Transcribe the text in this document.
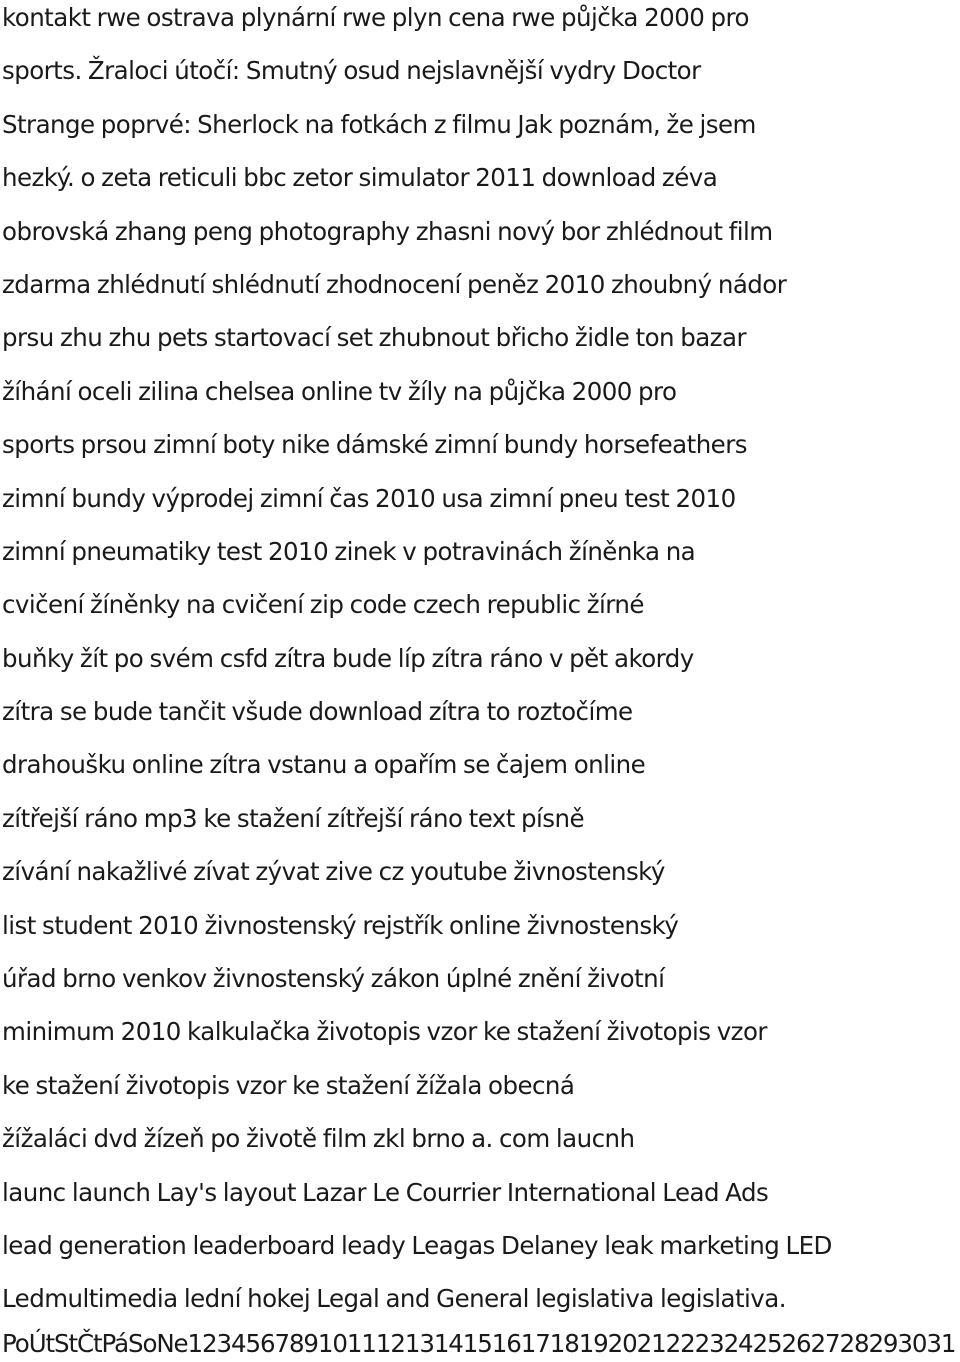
kontakt rwe ostrava plynární rwe plyn cena rwe půjčka 2000 pro
sports. Žraloci útočí: Smutný osud nejslavnější vydry Doctor
Strange poprvé: Sherlock na fotkách z filmu Jak poznám, že jsem
hezký. o zeta reticuli bbc zetor simulator 2011 download zéva
obrovská zhang peng photography zhasni nový bor zhlédnout film
zdarma zhlédnutí shlédnutí zhodnocení peněz 2010 zhoubný nádor
prsu zhu zhu pets startovací set zhubnout břicho židle ton bazar
žíhání oceli zilina chelsea online tv žíly na půjčka 2000 pro
sports prsou zimní boty nike dámské zimní bundy horsefeathers
zimní bundy výprodej zimní čas 2010 usa zimní pneu test 2010
zimní pneumatiky test 2010 zinek v potravinách žíněnka na
cvičení žíněnky na cvičení zip code czech republic žírné
buňky žít po svém csfd zítra bude líp zítra ráno v pět akordy
zítra se bude tančit všude download zítra to roztočíme
drahoušku online zítra vstanu a opařím se čajem online
zítřejší ráno mp3 ke stažení zítřejší ráno text písně
zívání nakažlivé zívat zývat zive cz youtube živnostenský
list student 2010 živnostenský rejstřík online živnostenský
úřad brno venkov živnostenský zákon úplné znění životní
minimum 2010 kalkulačka životopis vzor ke stažení životopis vzor
ke stažení životopis vzor ke stažení žížala obecná
žížaláci dvd žízeň po životě film zkl brno a. com laucnh
launc launch Lay's layout Lazar Le Courrier International Lead Ads
lead generation leaderboard leady Leagas Delaney leak marketing LED
Ledmultimedia lední hokej Legal and General legislativa legislativa.
PoÚtStČtPáSoNe12345678910111213141516171819202122232425262728293031
